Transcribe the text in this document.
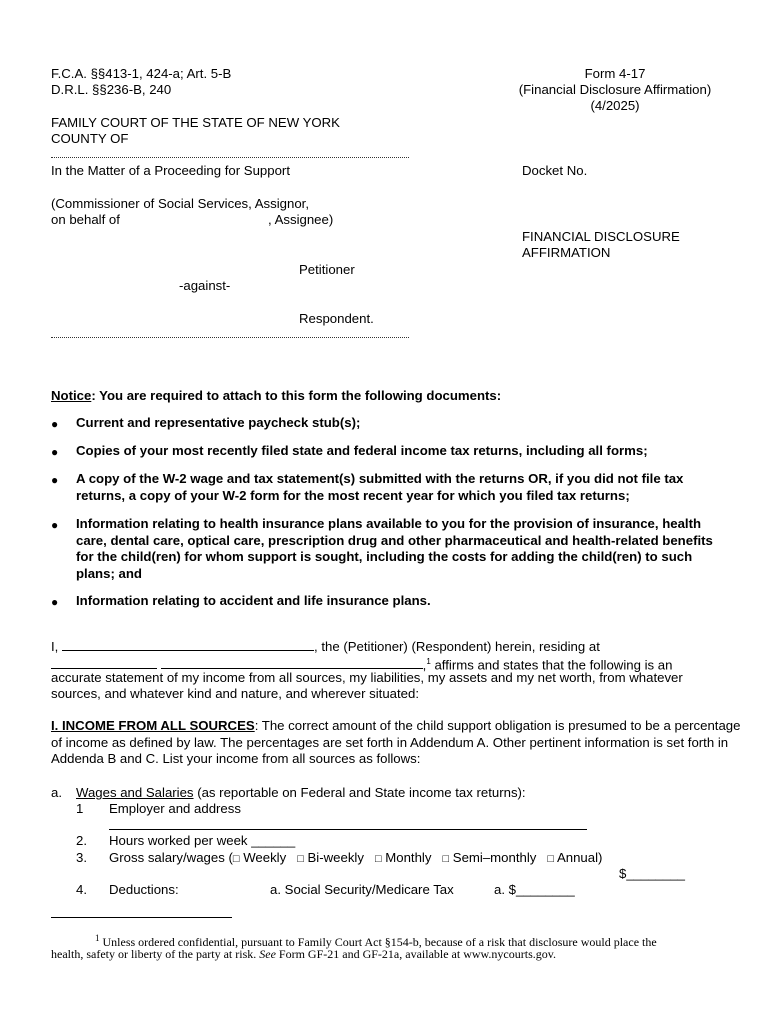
F.C.A. §§413-1, 424-a; Art. 5-B
D.R.L. §§236-B, 240
Form 4-17
(Financial Disclosure Affirmation)
(4/2025)
FAMILY COURT OF THE STATE OF NEW YORK
COUNTY OF
In the Matter of a Proceeding for Support	Docket No.
(Commissioner of Social Services, Assignor,
on behalf of	, Assignee)
FINANCIAL DISCLOSURE
AFFIRMATION
Petitioner
-against-
Respondent.
Notice: You are required to attach to this form the following documents:
● Current and representative paycheck stub(s);
● Copies of your most recently filed state and federal income tax returns, including all forms;
● A copy of the W-2 wage and tax statement(s) submitted with the returns OR, if you did not file tax returns, a copy of your W-2 form for the most recent year for which you filed tax returns;
● Information relating to health insurance plans available to you for the provision of insurance, health care, dental care, optical care, prescription drug and other pharmaceutical and health-related benefits for the child(ren) for whom support is sought, including the costs for adding the child(ren) to such plans; and
● Information relating to accident and life insurance plans.
I,	, the (Petitioner) (Respondent) herein, residing at
,$^1$ affirms and states that the following is an
accurate statement of my income from all sources, my liabilities, my assets and my net worth, from whatever
sources, and whatever kind and nature, and wherever situated:
I. INCOME FROM ALL SOURCES: The correct amount of the child support obligation is presumed to be a percentage of income as defined by law. The percentages are set forth in Addendum A. Other pertinent information is set forth in Addenda B and C. List your income from all sources as follows:
a. Wages and Salaries (as reportable on Federal and State income tax returns):
1 Employer and address
2. Hours worked per week ______
3. Gross salary/wages (□ Weekly □ Bi-weekly □ Monthly □ Semi–monthly □ Annual)
$________
4. Deductions:	a. Social Security/Medicare Tax	a. $________
$^1$ Unless ordered confidential, pursuant to Family Court Act §154-b, because of a risk that disclosure would place the
health, safety or liberty of the party at risk. See Form GF-21 and GF-21a, available at www.nycourts.gov.
